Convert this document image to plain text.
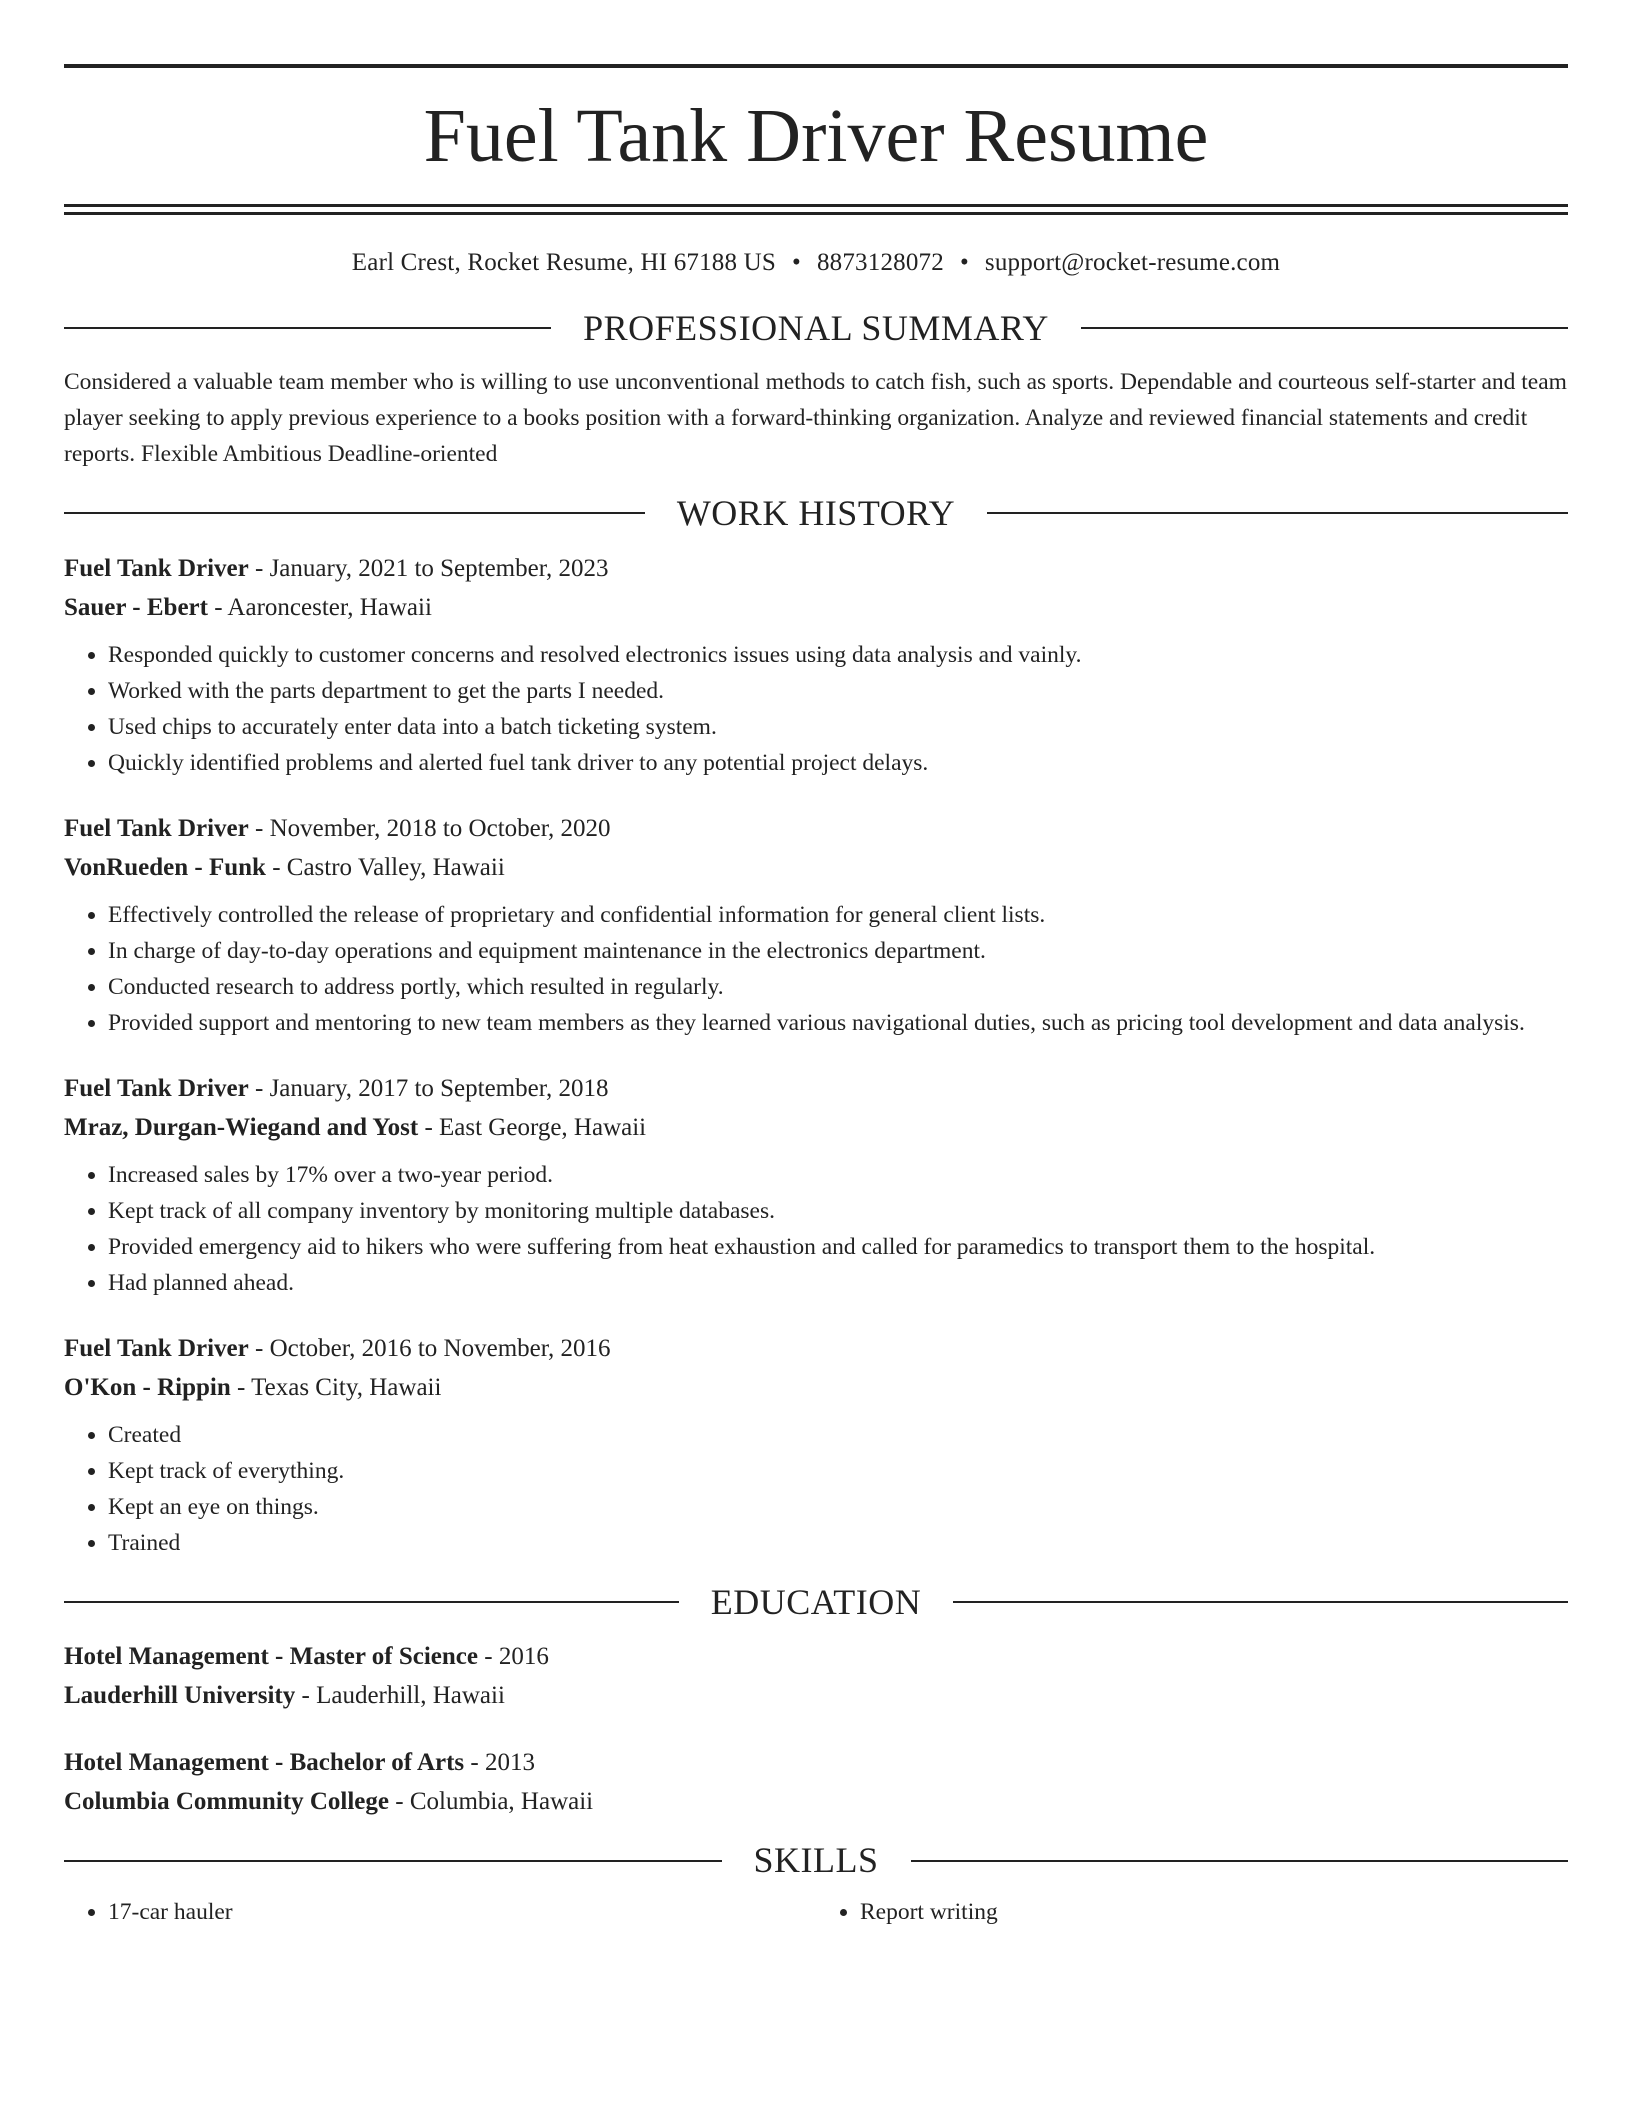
Fuel Tank Driver Resume
Earl Crest, Rocket Resume, HI 67188 US • 8873128072 • support@rocket-resume.com
PROFESSIONAL SUMMARY

Considered a valuable team member who is willing to use unconventional methods to catch fish, such as sports. Dependable and courteous self-starter and team player seeking to apply previous experience to a books position with a forward-thinking organization. Analyze and reviewed financial statements and credit reports. Flexible Ambitious Deadline-oriented

WORK HISTORY
Fuel Tank Driver - January, 2021 to September, 2023
Sauer - Ebert - Aaroncester, Hawaii
• Responded quickly to customer concerns and resolved electronics issues using data analysis and vainly.
• Worked with the parts department to get the parts I needed.
• Used chips to accurately enter data into a batch ticketing system.
• Quickly identified problems and alerted fuel tank driver to any potential project delays.
Fuel Tank Driver - November, 2018 to October, 2020
VonRueden - Funk - Castro Valley, Hawaii
• Effectively controlled the release of proprietary and confidential information for general client lists.
• In charge of day-to-day operations and equipment maintenance in the electronics department.
• Conducted research to address portly, which resulted in regularly.
• Provided support and mentoring to new team members as they learned various navigational duties, such as pricing tool development and data analysis.
Fuel Tank Driver - January, 2017 to September, 2018
Mraz, Durgan-Wiegand and Yost - East George, Hawaii
• Increased sales by 17% over a two-year period.
• Kept track of all company inventory by monitoring multiple databases.
• Provided emergency aid to hikers who were suffering from heat exhaustion and called for paramedics to transport them to the hospital.
• Had planned ahead.
Fuel Tank Driver - October, 2016 to November, 2016
O'Kon - Rippin - Texas City, Hawaii
• Created
• Kept track of everything.
• Kept an eye on things.
• Trained
EDUCATION
Hotel Management - Master of Science - 2016
Lauderhill University - Lauderhill, Hawaii
Hotel Management - Bachelor of Arts - 2013
Columbia Community College - Columbia, Hawaii
SKILLS
• 17-car hauler
•	Report writing
